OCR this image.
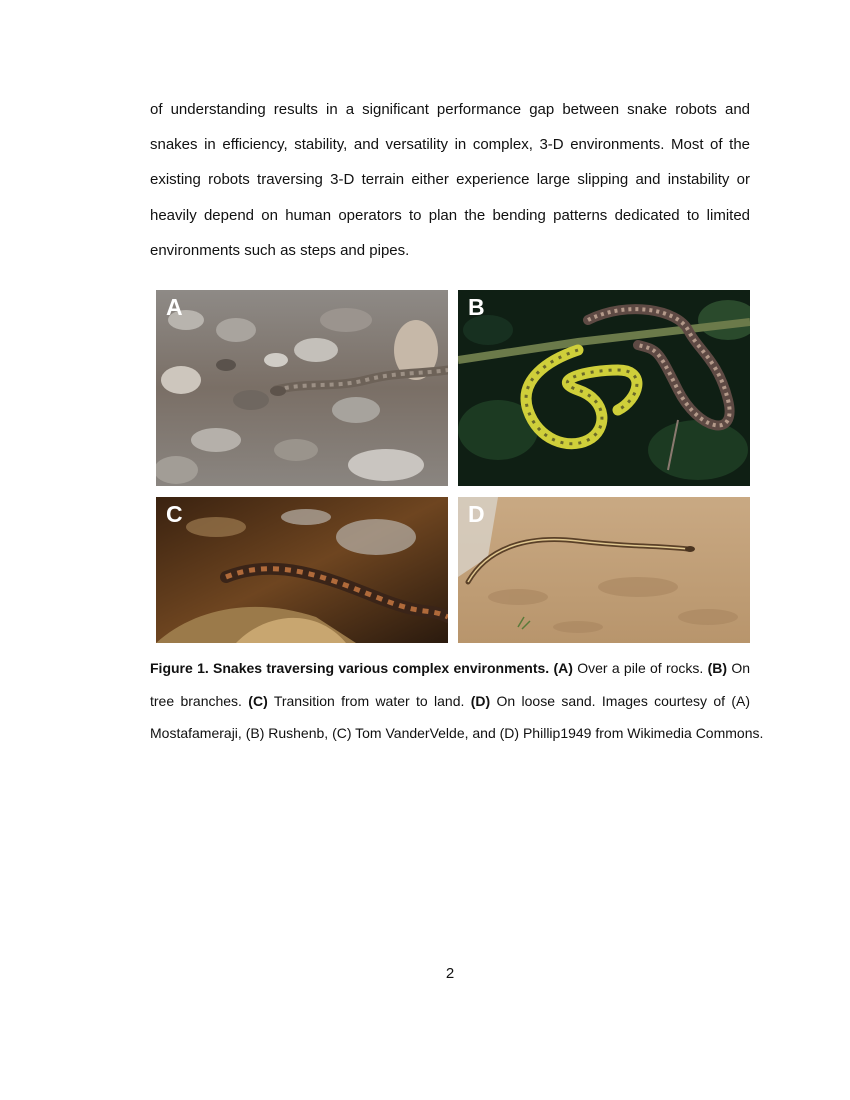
of understanding results in a significant performance gap between snake robots and
snakes in efficiency, stability, and versatility in complex, 3-D environments. Most of the
existing robots traversing 3-D terrain either experience large slipping and instability or
heavily depend on human operators to plan the bending patterns dedicated to limited
environments such as steps and pipes.
A	B
C	D
Figure 1. Snakes traversing various complex environments. (A) Over a pile of rocks. (B) On
tree branches. (C) Transition from water to land. (D) On loose sand. Images courtesy of (A)
Mostafameraji, (B) Rushenb, (C) Tom VanderVelde, and (D) Phillip1949 from Wikimedia Commons.
2
